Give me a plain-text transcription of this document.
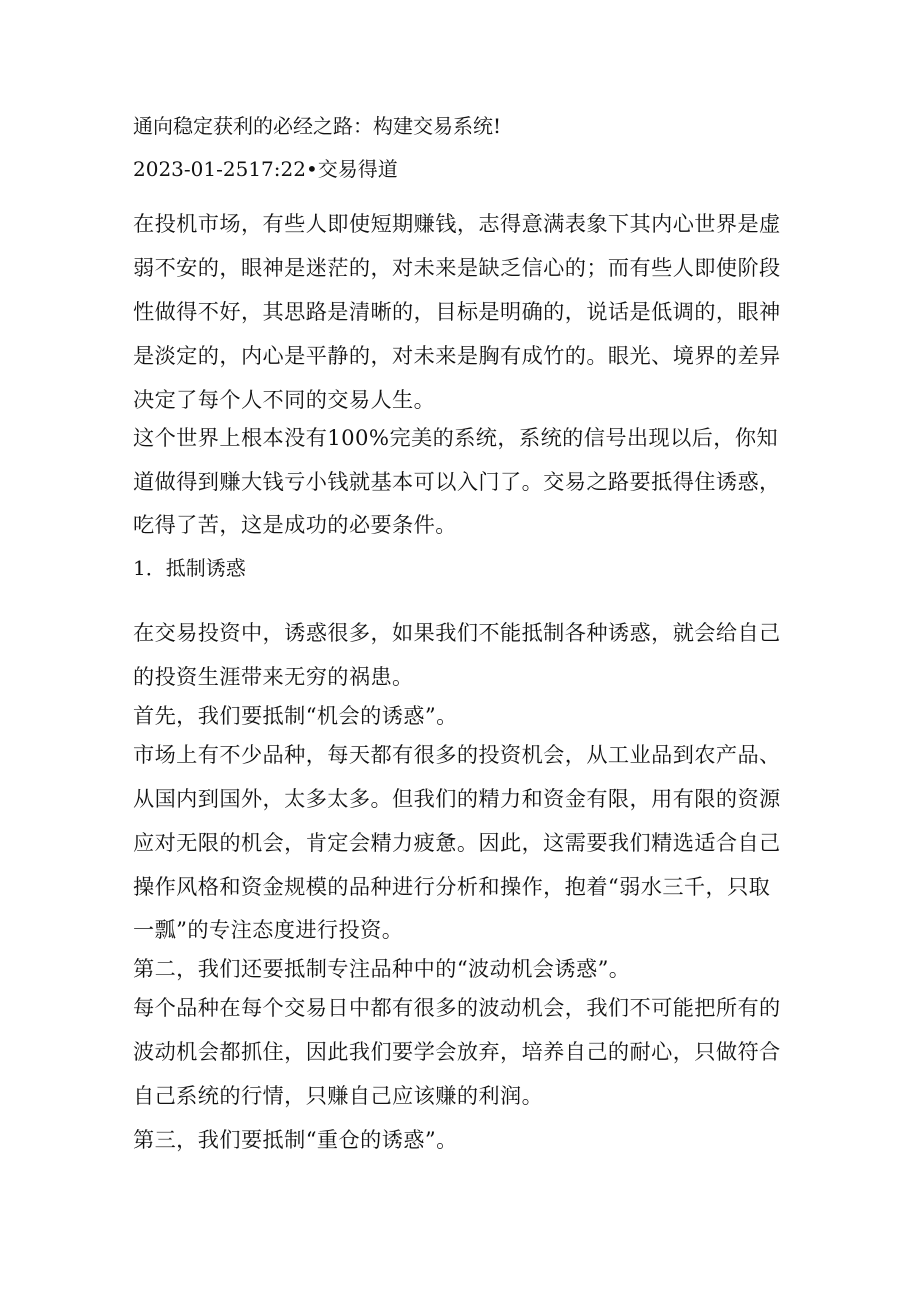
通向稳定获利的必经之路：构建交易系统!

2023-01-2517:22•交易得道

在投机市场，有些人即使短期赚钱，志得意满表象下其内心世界是虚

弱不安的，眼神是迷茫的，对未来是缺乏信心的；而有些人即使阶段

性做得不好，其思路是清晰的，目标是明确的，说话是低调的，眼神

是淡定的，内心是平静的，对未来是胸有成竹的。眼光、境界的差异

决定了每个人不同的交易人生。

这个世界上根本没有100%完美的系统，系统的信号出现以后，你知

道做得到赚大钱亏小钱就基本可以入门了。交易之路要抵得住诱惑，

吃得了苦，这是成功的必要条件。

1．抵制诱惑

在交易投资中，诱惑很多，如果我们不能抵制各种诱惑，就会给自己

的投资生涯带来无穷的祸患。

首先，我们要抵制“机会的诱惑”。

市场上有不少品种，每天都有很多的投资机会，从工业品到农产品、

从国内到国外，太多太多。但我们的精力和资金有限，用有限的资源

应对无限的机会，肯定会精力疲惫。因此，这需要我们精选适合自己

操作风格和资金规模的品种进行分析和操作，抱着“弱水三千，只取

一瓢”的专注态度进行投资。

第二，我们还要抵制专注品种中的“波动机会诱惑”。

每个品种在每个交易日中都有很多的波动机会，我们不可能把所有的

波动机会都抓住，因此我们要学会放弃，培养自己的耐心，只做符合

自己系统的行情，只赚自己应该赚的利润。

第三，我们要抵制“重仓的诱惑”。
